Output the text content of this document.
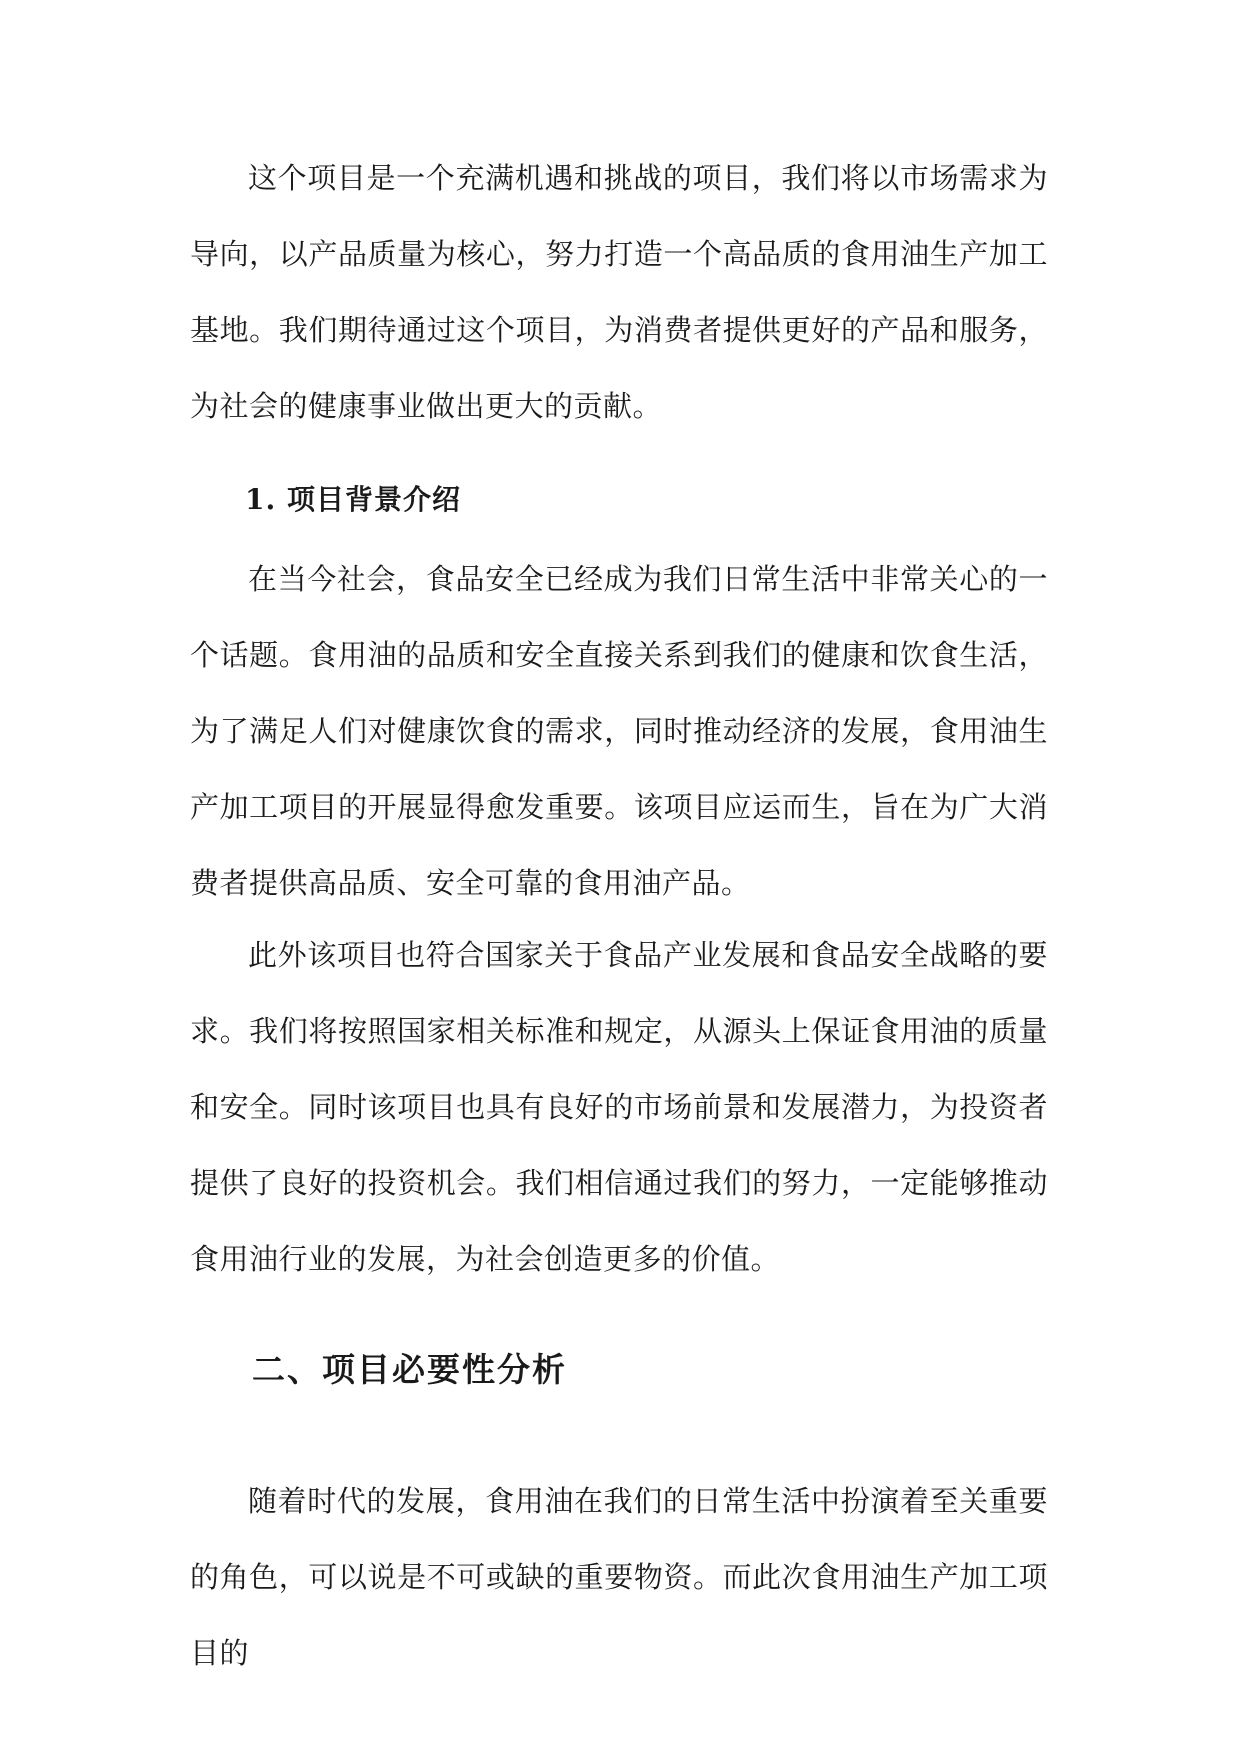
这个项目是一个充满机遇和挑战的项目，我们将以市场需求为导向，以产品质量为核心，努力打造一个高品质的食用油生产加工基地。我们期待通过这个项目，为消费者提供更好的产品和服务，为社会的健康事业做出更大的贡献。

1. 项目背景介绍

在当今社会，食品安全已经成为我们日常生活中非常关心的一个话题。食用油的品质和安全直接关系到我们的健康和饮食生活，为了满足人们对健康饮食的需求，同时推动经济的发展，食用油生产加工项目的开展显得愈发重要。该项目应运而生，旨在为广大消费者提供高品质、安全可靠的食用油产品。

此外该项目也符合国家关于食品产业发展和食品安全战略的要求。我们将按照国家相关标准和规定，从源头上保证食用油的质量和安全。同时该项目也具有良好的市场前景和发展潜力，为投资者提供了良好的投资机会。我们相信通过我们的努力，一定能够推动食用油行业的发展，为社会创造更多的价值。

二、项目必要性分析

随着时代的发展，食用油在我们的日常生活中扮演着至关重要的角色，可以说是不可或缺的重要物资。而此次食用油生产加工项目的
